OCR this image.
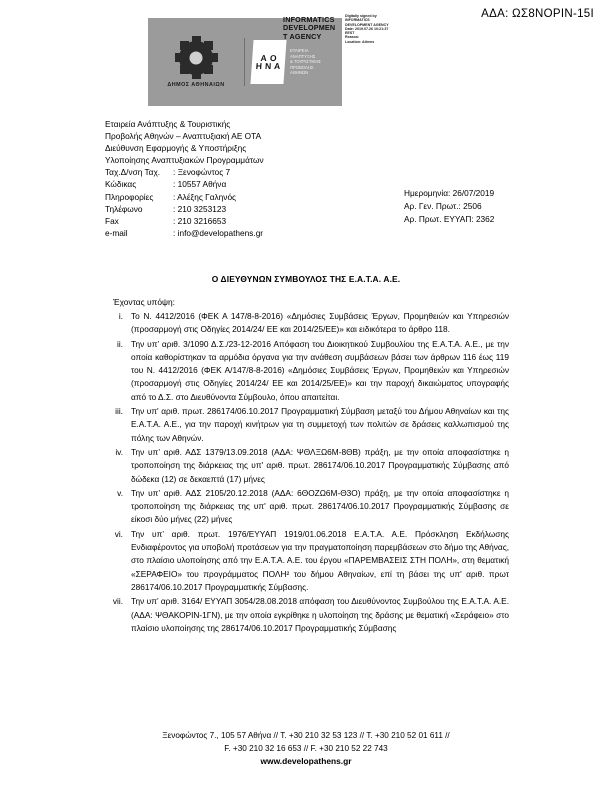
ΑΔΑ: ΩΣ8ΝΟΡΙΝ-15Ι
ΔΗΜΟΣ ΑΘΗΝΑΙΩΝ
Α Ο
Η Ν Α
ΕΤΑΙΡΕΙΑ
ΑΝΑΠΤΥΞΗΣ
& ΤΟΥΡΙΣΤΙΚΗΣ
ΠΡΟΒΟΛΗΣ
ΑΘΗΝΩΝ
INFORMATICS
DEVELOPMEN
T AGENCY
Digitally signed by
INFORMATICS
DEVELOPMENT AGENCY
Date: 2019.07.26 10:21:37
EEST
Reason:
Location: Athens
Εταιρεία Ανάπτυξης & Τουριστικής
Προβολής Αθηνών – Αναπτυξιακή ΑΕ ΟΤΑ
Διεύθυνση Εφαρμογής & Υποστήριξης
Υλοποίησης Αναπτυξιακών Προγραμμάτων
Ταχ.Δ/νση Ταχ.	: Ξενοφώντος 7
Κώδικας	: 10557 Αθήνα
Πληροφορίες	: Αλέξης Γαληνός
Τηλέφωνο	: 210 3253123
Fax	: 210 3216653
e-mail	: info@developathens.gr
Ημερομηνία: 26/07/2019
Αρ. Γεν. Πρωτ.: 2506
Αρ. Πρωτ. ΕΥΥΑΠ: 2362
Ο ΔΙΕΥΘΥΝΩΝ ΣΥΜΒΟΥΛΟΣ ΤΗΣ Ε.Α.Τ.Α. Α.Ε.
Έχοντας υπόψη:
i. Το Ν. 4412/2016 (ΦΕΚ Α 147/8-8-2016) «Δημόσιες Συμβάσεις Έργων, Προμηθειών και Υπηρεσιών (προσαρμογή στις Οδηγίες 2014/24/ ΕΕ και 2014/25/ΕΕ)» και ειδικότερα το άρθρο 118.
ii. Την υπ’ αριθ. 3/1090 Δ.Σ./23-12-2016 Απόφαση του Διοικητικού Συμβουλίου της Ε.Α.Τ.Α. Α.Ε., με την οποία καθορίστηκαν τα αρμόδια όργανα για την ανάθεση συμβάσεων βάσει των άρθρων 116 έως 119 του Ν. 4412/2016 (ΦΕΚ Α/147/8-8-2016) «Δημόσιες Συμβάσεις Έργων, Προμηθειών και Υπηρεσιών (προσαρμογή στις Οδηγίες 2014/24/ ΕΕ και 2014/25/ΕΕ)» και την παροχή δικαιώματος υπογραφής από το Δ.Σ. στο Διευθύνοντα Σύμβουλο, όπου απαιτείται.
iii. Την υπ' αριθ. πρωτ. 286174/06.10.2017 Προγραμματική Σύμβαση μεταξύ του Δήμου Αθηναίων και της Ε.Α.Τ.Α. Α.Ε., για την παροχή κινήτρων για τη συμμετοχή των πολιτών σε δράσεις καλλωπισμού της πόλης των Αθηνών.
iv. Την υπ’ αριθ. ΑΔΣ 1379/13.09.2018 (ΑΔΑ: ΨΘΛΞΩ6Μ-8ΘΒ) πράξη, με την οποία αποφασίστηκε η τροποποίηση της διάρκειας της υπ' αριθ. πρωτ. 286174/06.10.2017 Προγραμματικής Σύμβασης από δώδεκα (12) σε δεκαεπτά (17) μήνες
v. Την υπ’ αριθ. ΑΔΣ 2105/20.12.2018 (ΑΔΑ: 6ΘΟΖΩ6Μ-Θ3Ο) πράξη, με την οποία αποφασίστηκε η τροποποίηση της διάρκειας της υπ' αριθ. πρωτ. 286174/06.10.2017 Προγραμματικής Σύμβασης σε είκοσι δύο μήνες (22) μήνες
vi. Την υπ’ αριθ. πρωτ. 1976/ΕΥΥΑΠ 1919/01.06.2018 Ε.Α.Τ.Α. Α.Ε. Πρόσκληση Εκδήλωσης Ενδιαφέροντος για υποβολή προτάσεων για την πραγματοποίηση παρεμβάσεων στο δήμο της Αθήνας, στο πλαίσιο υλοποίησης από την Ε.Α.Τ.Α. Α.Ε. του έργου «ΠΑΡΕΜΒΑΣΕΙΣ ΣΤΗ ΠΟΛΗ», στη θεματική «ΣΕΡΑΦΕΙΟ» του προγράμματος ΠΟΛΗ² του δήμου Αθηναίων, επί τη βάσει της υπ' αριθ. πρωτ 286174/06.10.2017 Προγραμματικής Σύμβασης.
vii. Την υπ’ αριθ. 3164/ ΕΥΥΑΠ 3054/28.08.2018 απόφαση του Διευθύνοντος Συμβούλου της Ε.Α.Τ.Α. Α.Ε. (ΑΔΑ: ΨΘΑΚΟΡΙΝ-1ΓΝ), με την οποία εγκρίθηκε η υλοποίηση της δράσης με θεματική «Σεράφειο» στο πλαίσιο υλοποίησης της 286174/06.10.2017 Προγραμματικής Σύμβασης
Ξενοφώντος 7., 105 57 Αθήνα // Τ. +30 210 32 53 123 // Τ. +30 210 52 01 611 //
F. +30 210 32 16 653 // F. +30 210 52 22 743
www.developathens.gr
